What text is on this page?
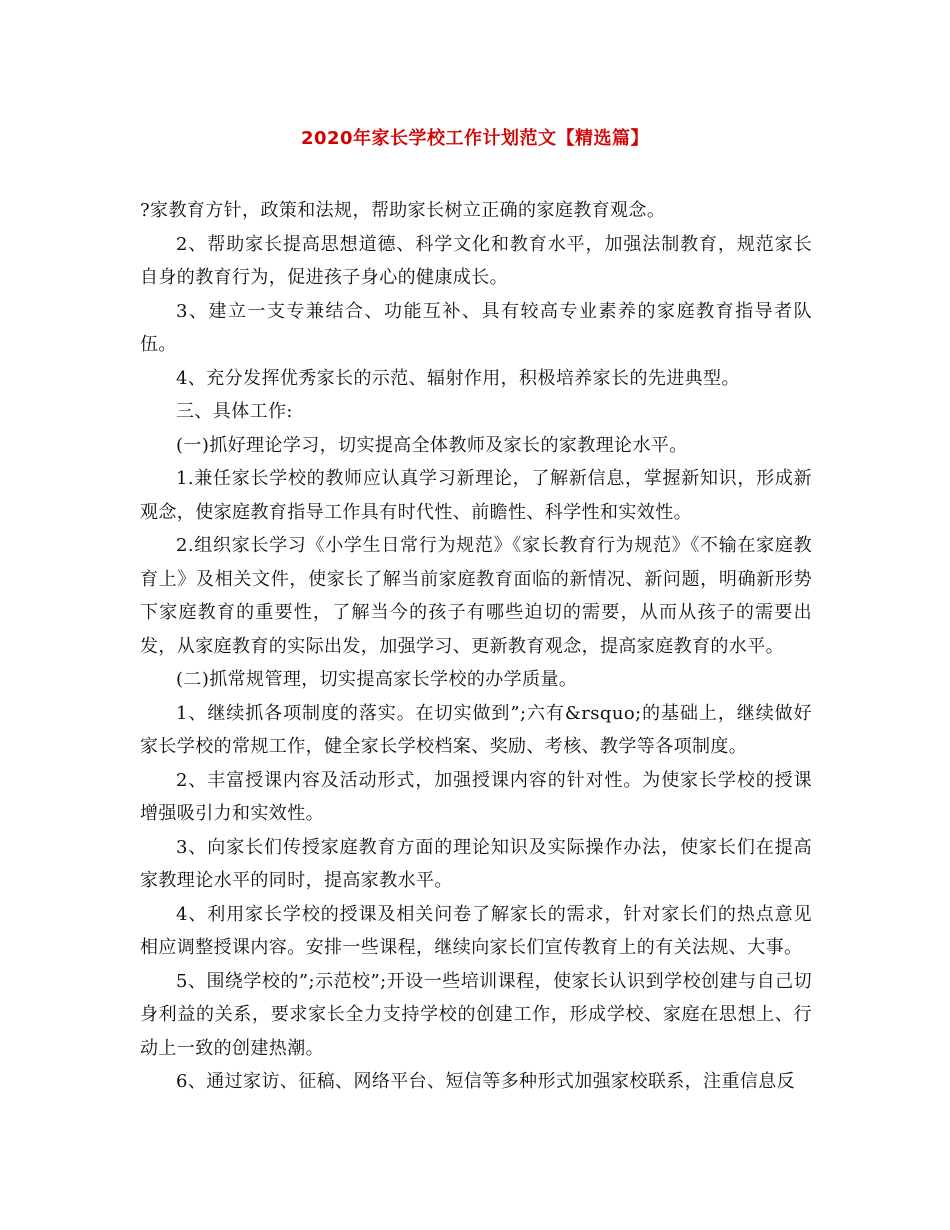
2020年家长学校工作计划范文【精选篇】

?家教育方针，政策和法规，帮助家长树立正确的家庭教育观念。

2、帮助家长提高思想道德、科学文化和教育水平，加强法制教育，规范家长自身的教育行为，促进孩子身心的健康成长。

3、建立一支专兼结合、功能互补、具有较高专业素养的家庭教育指导者队伍。

4、充分发挥优秀家长的示范、辐射作用，积极培养家长的先进典型。

三、具体工作:

(一)抓好理论学习，切实提高全体教师及家长的家教理论水平。

1.兼任家长学校的教师应认真学习新理论，了解新信息，掌握新知识，形成新观念，使家庭教育指导工作具有时代性、前瞻性、科学性和实效性。

2.组织家长学习《小学生日常行为规范》《家长教育行为规范》《不输在家庭教育上》及相关文件，使家长了解当前家庭教育面临的新情况、新问题，明确新形势下家庭教育的重要性，了解当今的孩子有哪些迫切的需要，从而从孩子的需要出发，从家庭教育的实际出发，加强学习、更新教育观念，提高家庭教育的水平。

(二)抓常规管理，切实提高家长学校的办学质量。

1、继续抓各项制度的落实。在切实做到”;六有&rsquo;的基础上，继续做好家长学校的常规工作，健全家长学校档案、奖励、考核、教学等各项制度。

2、丰富授课内容及活动形式，加强授课内容的针对性。为使家长学校的授课增强吸引力和实效性。

3、向家长们传授家庭教育方面的理论知识及实际操作办法，使家长们在提高家教理论水平的同时，提高家教水平。

4、利用家长学校的授课及相关问卷了解家长的需求，针对家长们的热点意见相应调整授课内容。安排一些课程，继续向家长们宣传教育上的有关法规、大事。

5、围绕学校的”;示范校”;开设一些培训课程，使家长认识到学校创建与自己切身利益的关系，要求家长全力支持学校的创建工作，形成学校、家庭在思想上、行动上一致的创建热潮。

6、通过家访、征稿、网络平台、短信等多种形式加强家校联系，注重信息反
